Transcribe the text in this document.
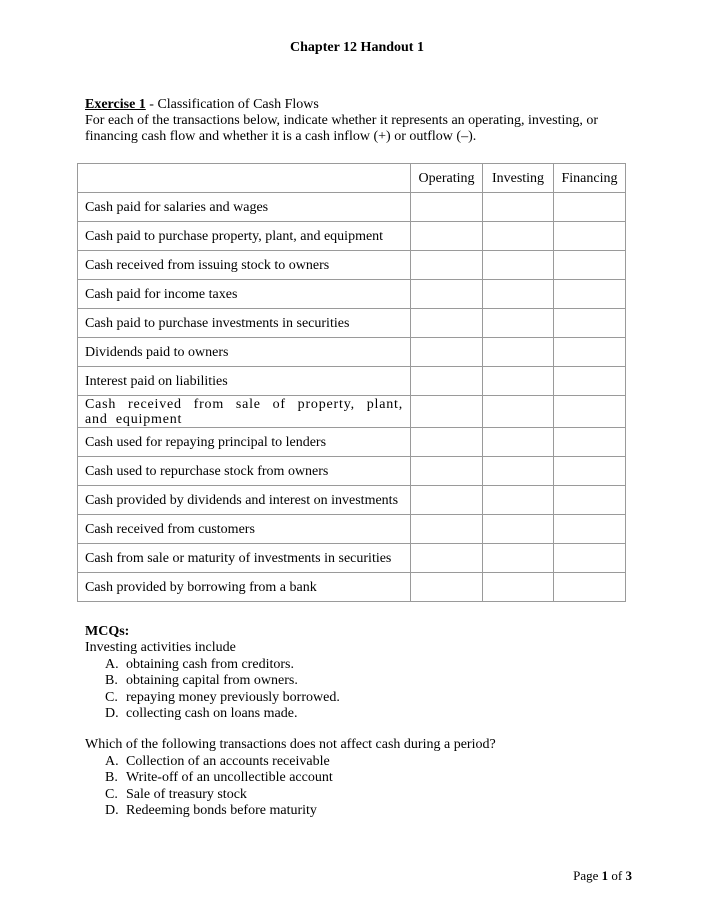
Chapter 12 Handout 1
Exercise 1 - Classification of Cash Flows
For each of the transactions below, indicate whether it represents an operating, investing, or financing cash flow and whether it is a cash inflow (+) or outflow (–).
	Operating	Investing	Financing
Cash paid for salaries and wages			
Cash paid to purchase property, plant, and equipment			
Cash received from issuing stock to owners			
Cash paid for income taxes			
Cash paid to purchase investments in securities			
Dividends paid to owners			
Interest paid on liabilities			
Cash received from sale of property, plant, and equipment			
Cash used for repaying principal to lenders			
Cash used to repurchase stock from owners			
Cash provided by dividends and interest on investments			
Cash received from customers			
Cash from sale or maturity of investments in securities			
Cash provided by borrowing from a bank			
MCQs:
Investing activities include
A. obtaining cash from creditors.
B. obtaining capital from owners.
C. repaying money previously borrowed.
D. collecting cash on loans made.
Which of the following transactions does not affect cash during a period?
A. Collection of an accounts receivable
B. Write-off of an uncollectible account
C. Sale of treasury stock
D. Redeeming bonds before maturity
Page 1 of 3
